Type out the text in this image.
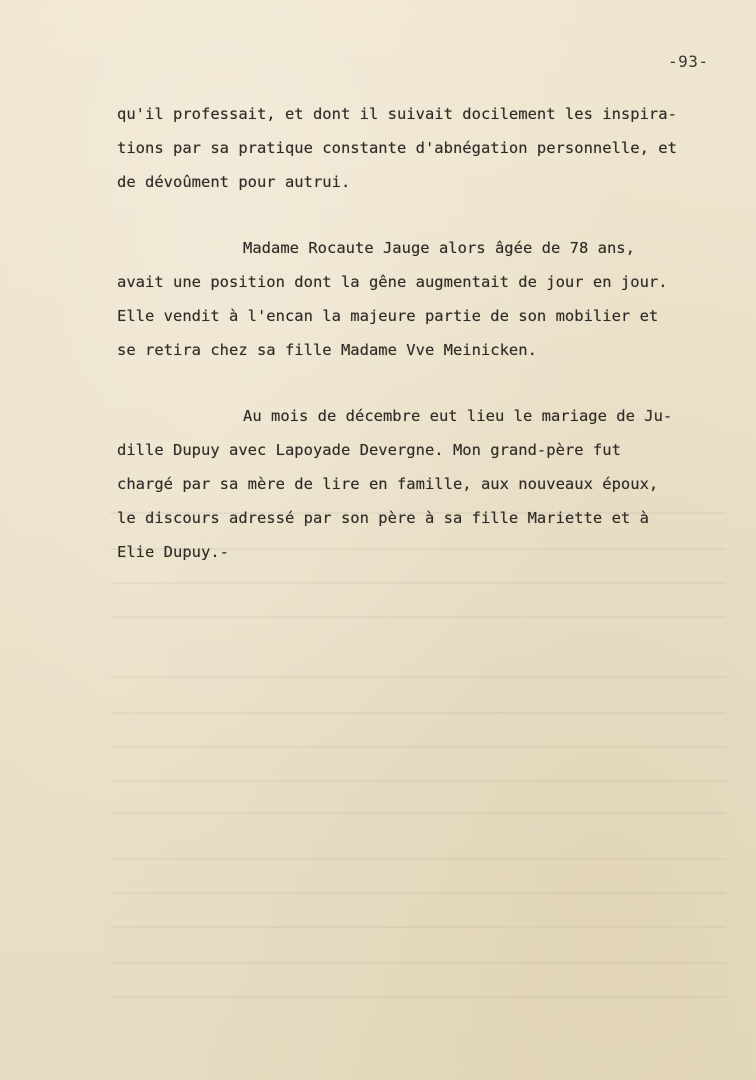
-93-
qu'il professait, et dont il suivait docilement les inspira-
tions par sa pratique constante d'abnégation personnelle, et
de dévoûment pour autrui.
Madame Rocaute Jauge alors âgée de 78 ans,
avait une position dont la gêne augmentait de jour en jour.
Elle vendit à l'encan la majeure partie de son mobilier et
se retira chez sa fille Madame Vve Meinicken.
Au mois de décembre eut lieu le mariage de Ju-
dille Dupuy avec Lapoyade Devergne. Mon grand-père fut
chargé par sa mère de lire en famille, aux nouveaux époux,
le discours adressé par son père à sa fille Mariette et à
Elie Dupuy.-
